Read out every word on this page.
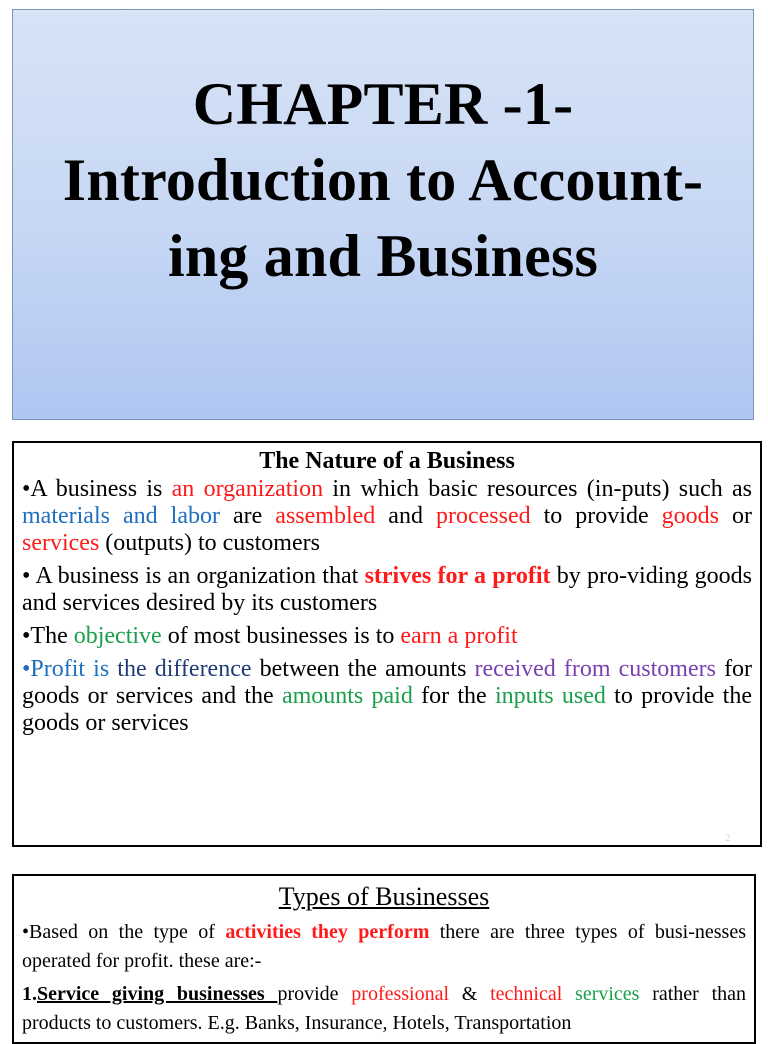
CHAPTER -1-
Introduction to Account-
ing and Business
The Nature of a Business

•A business is an organization in which basic resources (in-puts) such as materials and labor are assembled and processed to provide goods or services (outputs) to customers

• A business is an organization that strives for a profit by pro-viding goods and services desired by its customers

•The objective of most businesses is to earn a profit

•Profit is the difference between the amounts received from customers for goods or services and the amounts paid for the inputs used to provide the goods or services

2
Types of Businesses

•Based on the type of activities they perform there are three types of busi-nesses operated for profit. these are:-

1.Service giving businesses provide professional & technical services rather than products to customers. E.g. Banks, Insurance, Hotels, Transportation
